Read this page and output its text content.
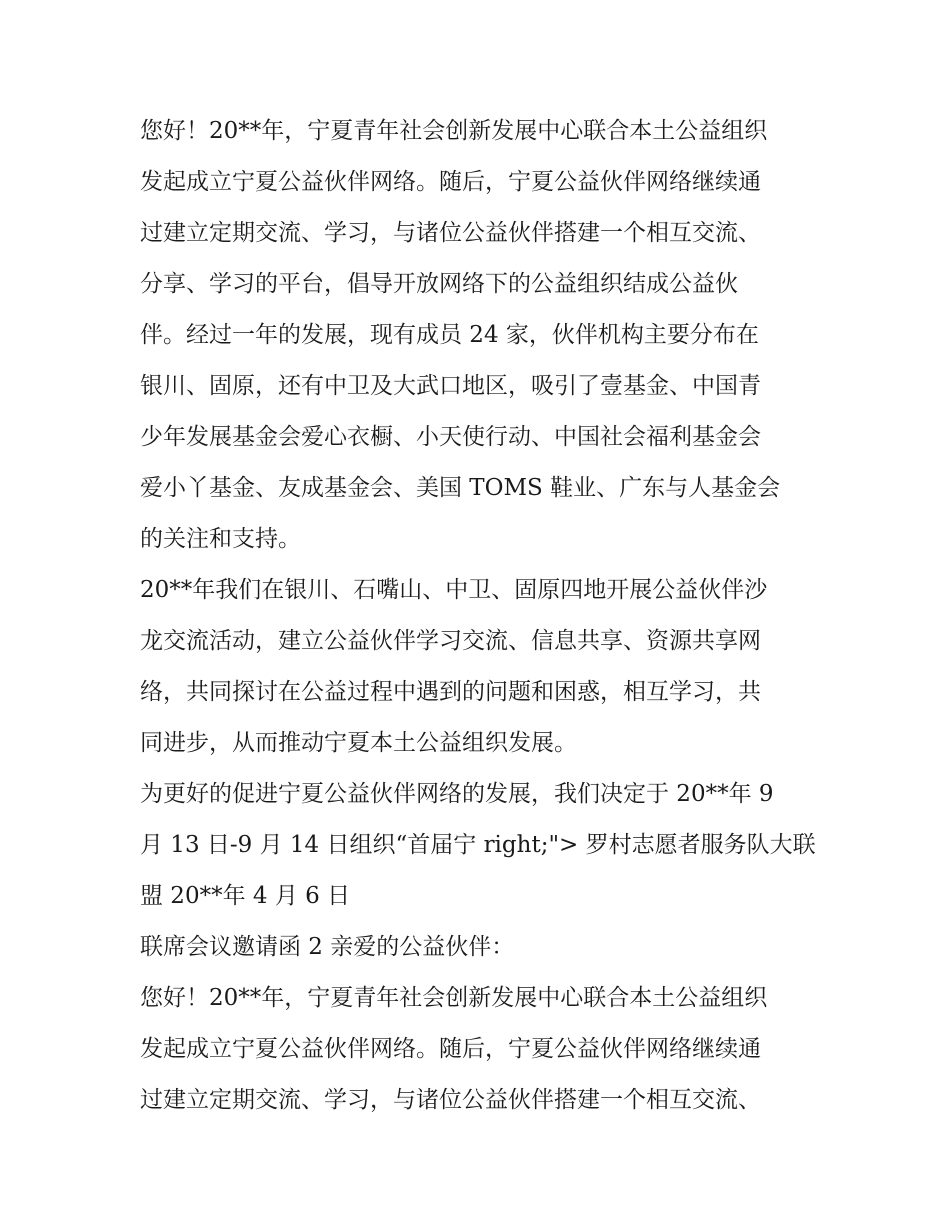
您好！20**年，宁夏青年社会创新发展中心联合本土公益组织
发起成立宁夏公益伙伴网络。随后，宁夏公益伙伴网络继续通
过建立定期交流、学习，与诸位公益伙伴搭建一个相互交流、
分享、学习的平台，倡导开放网络下的公益组织结成公益伙
伴。经过一年的发展，现有成员 24 家，伙伴机构主要分布在
银川、固原，还有中卫及大武口地区，吸引了壹基金、中国青
少年发展基金会爱心衣橱、小天使行动、中国社会福利基金会
爱小丫基金、友成基金会、美国 TOMS 鞋业、广东与人基金会
的关注和支持。
20**年我们在银川、石嘴山、中卫、固原四地开展公益伙伴沙
龙交流活动，建立公益伙伴学习交流、信息共享、资源共享网
络，共同探讨在公益过程中遇到的问题和困惑，相互学习，共
同进步，从而推动宁夏本土公益组织发展。
为更好的促进宁夏公益伙伴网络的发展，我们决定于 20**年 9
月 13 日-9 月 14 日组织“首届宁 right;"> 罗村志愿者服务队大联
盟 20**年 4 月 6 日
联席会议邀请函 2 亲爱的公益伙伴：
您好！20**年，宁夏青年社会创新发展中心联合本土公益组织
发起成立宁夏公益伙伴网络。随后，宁夏公益伙伴网络继续通
过建立定期交流、学习，与诸位公益伙伴搭建一个相互交流、
